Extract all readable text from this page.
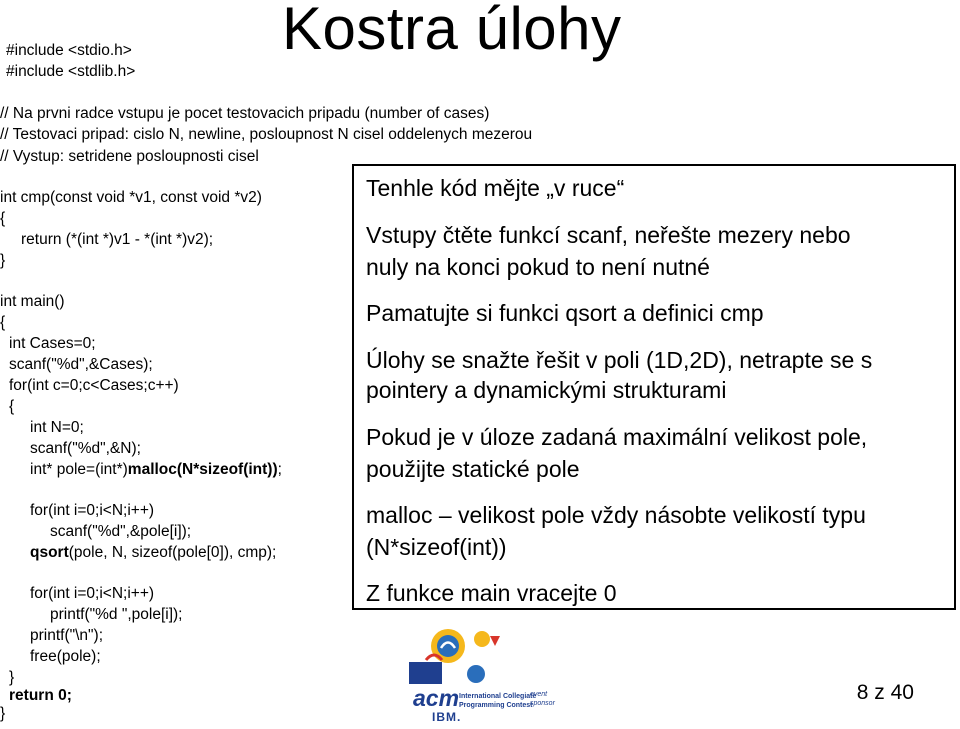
Kostra úlohy
#include <stdio.h>
#include <stdlib.h>
// Na prvni radce vstupu je pocet testovacich pripadu (number of cases)
// Testovaci pripad: cislo N, newline, posloupnost N cisel oddelenych mezerou
// Vystup: setridene posloupnosti cisel
int cmp(const void *v1, const void *v2)
{
return (*(int *)v1 - *(int *)v2);
}
int main()
{
int Cases=0;
scanf("%d",&Cases);
for(int c=0;c<Cases;c++)
{
int N=0;
scanf("%d",&N);
int* pole=(int*)malloc(N*sizeof(int));
for(int i=0;i<N;i++)
scanf("%d",&pole[i]);
qsort(pole, N, sizeof(pole[0]), cmp);
for(int i=0;i<N;i++)
printf("%d ",pole[i]);
printf("\n");
free(pole);
}
return 0;
}
Tenhle kód mějte „v ruce“
Vstupy čtěte funkcí scanf, neřešte mezery nebo
nuly na konci pokud to není nutné
Pamatujte si funkci qsort a definici cmp
Úlohy se snažte řešit v poli (1D,2D), netrapte se s
pointery a dynamickými strukturami
Pokud je v úloze zadaná maximální velikost pole,
použijte statické pole
malloc – velikost pole vždy násobte velikostí typu
(N*sizeof(int))
Z funkce main vracejte 0
acm International Collegiate
Programming Contest
event
sponsor
IBM.
8 z 40
